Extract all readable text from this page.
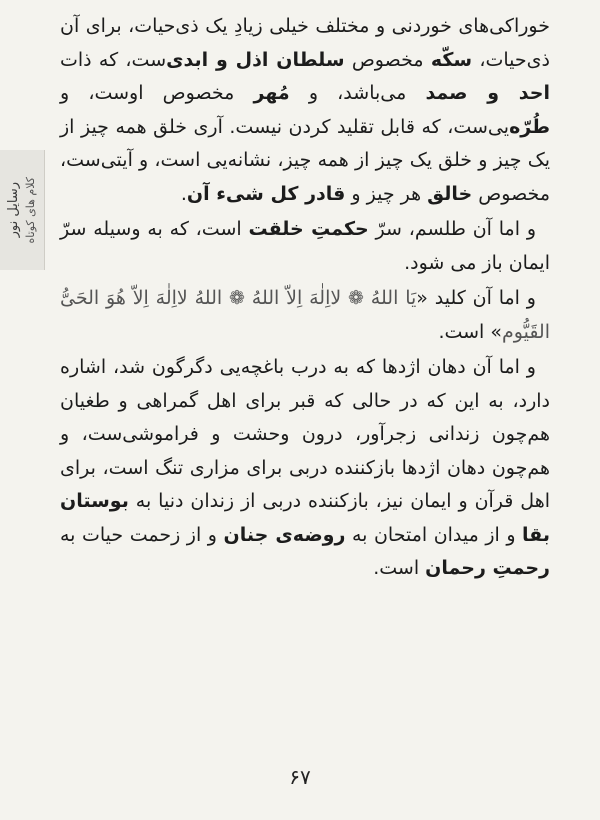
رسایل نور کلام های کوتاه

خوراکی‌های خوردنی و مختلف خیلی زیادِ یک ذی‌حیات، برای آن ذی‌حیات، سکّه مخصوص سلطان اذل و ابدی‌ست، که ذات احد و صمد می‌باشد، و مُهر مخصوص اوست، و طُرّه‌یی‌ست، که قابل تقلید کردن نیست. آری خلق همه چیز از یک چیز و خلق یک چیز از همه چیز، نشانه‌یی است، و آیتی‌ست، مخصوص خالق هر چیز و قادر کل شیء آن.

و اما آن طلسم، سرّ حکمتِ خلقت است، که به وسیله سرّ ایمان باز می شود.

و اما آن کلید «یَا اللهُ ❁ لااِلٰهَ اِلاّ اللهُ ❁ اللهُ لااِلٰهَ اِلاّ هُوَ الحَیُّ القَیُّوم» است.

و اما آن دهان اژدها که به درب باغچه‌یی دگرگون شد، اشاره دارد، به این که در حالی که قبر برای اهل گمراهی و طغیان هم‌چون زندانی زجرآور، درون وحشت و فراموشی‌ست، و هم‌چون دهان اژدها بازکننده دربی برای مزاری تنگ است، برای اهل قرآن و ایمان نیز، بازکننده دربی از زندان دنیا به بوستان بقا و از میدان امتحان به روضه‌ی جنان و از زحمت حیات به رحمتِ رحمان است.

۶۷
